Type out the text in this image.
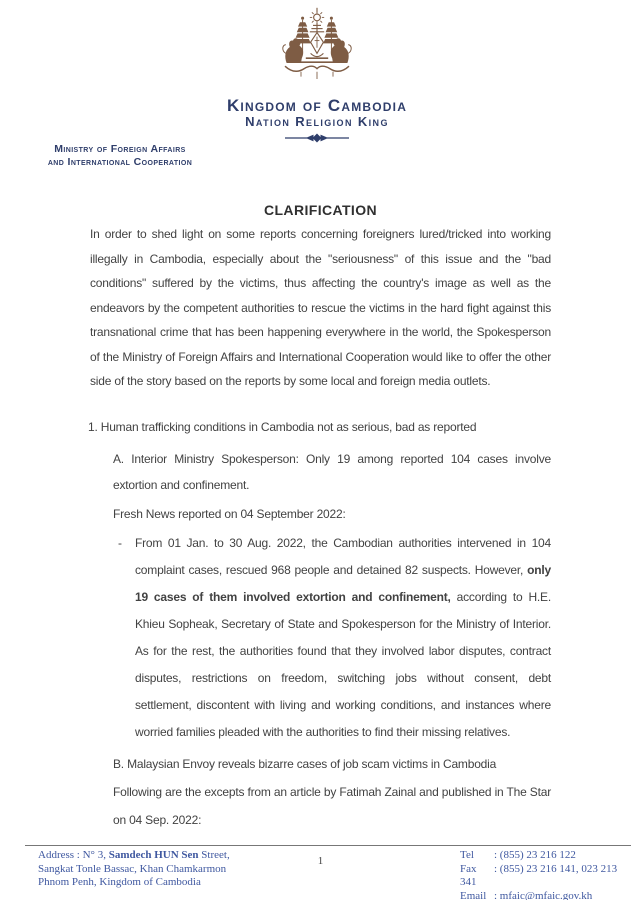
Kingdom of Cambodia
Nation Religion King
Ministry of Foreign Affairs
and International Cooperation
CLARIFICATION
In order to shed light on some reports concerning foreigners lured/tricked into working illegally in Cambodia, especially about the "seriousness" of this issue and the "bad conditions" suffered by the victims, thus affecting the country's image as well as the endeavors by the competent authorities to rescue the victims in the hard fight against this transnational crime that has been happening everywhere in the world, the Spokesperson of the Ministry of Foreign Affairs and International Cooperation would like to offer the other side of the story based on the reports by some local and foreign media outlets.
1. Human trafficking conditions in Cambodia not as serious, bad as reported
A. Interior Ministry Spokesperson: Only 19 among reported 104 cases involve extortion and confinement.
Fresh News reported on 04 September 2022:
- From 01 Jan. to 30 Aug. 2022, the Cambodian authorities intervened in 104 complaint cases, rescued 968 people and detained 82 suspects. However, only 19 cases of them involved extortion and confinement, according to H.E. Khieu Sopheak, Secretary of State and Spokesperson for the Ministry of Interior. As for the rest, the authorities found that they involved labor disputes, contract disputes, restrictions on freedom, switching jobs without consent, debt settlement, discontent with living and working conditions, and instances where worried families pleaded with the authorities to find their missing relatives.

B. Malaysian Envoy reveals bizarre cases of job scam victims in Cambodia

Following are the excepts from an article by Fatimah Zainal and published in The Star on 04 Sep. 2022:

Address : N° 3, Samdech HUN Sen Street,
Sangkat Tonle Bassac, Khan Chamkarmon
Phnom Penh, Kingdom of Cambodia
1	Tel : (855) 23 216 122
Fax : (855) 23 216 141, 023 213 341
Email : mfaic@mfaic.gov.kh
